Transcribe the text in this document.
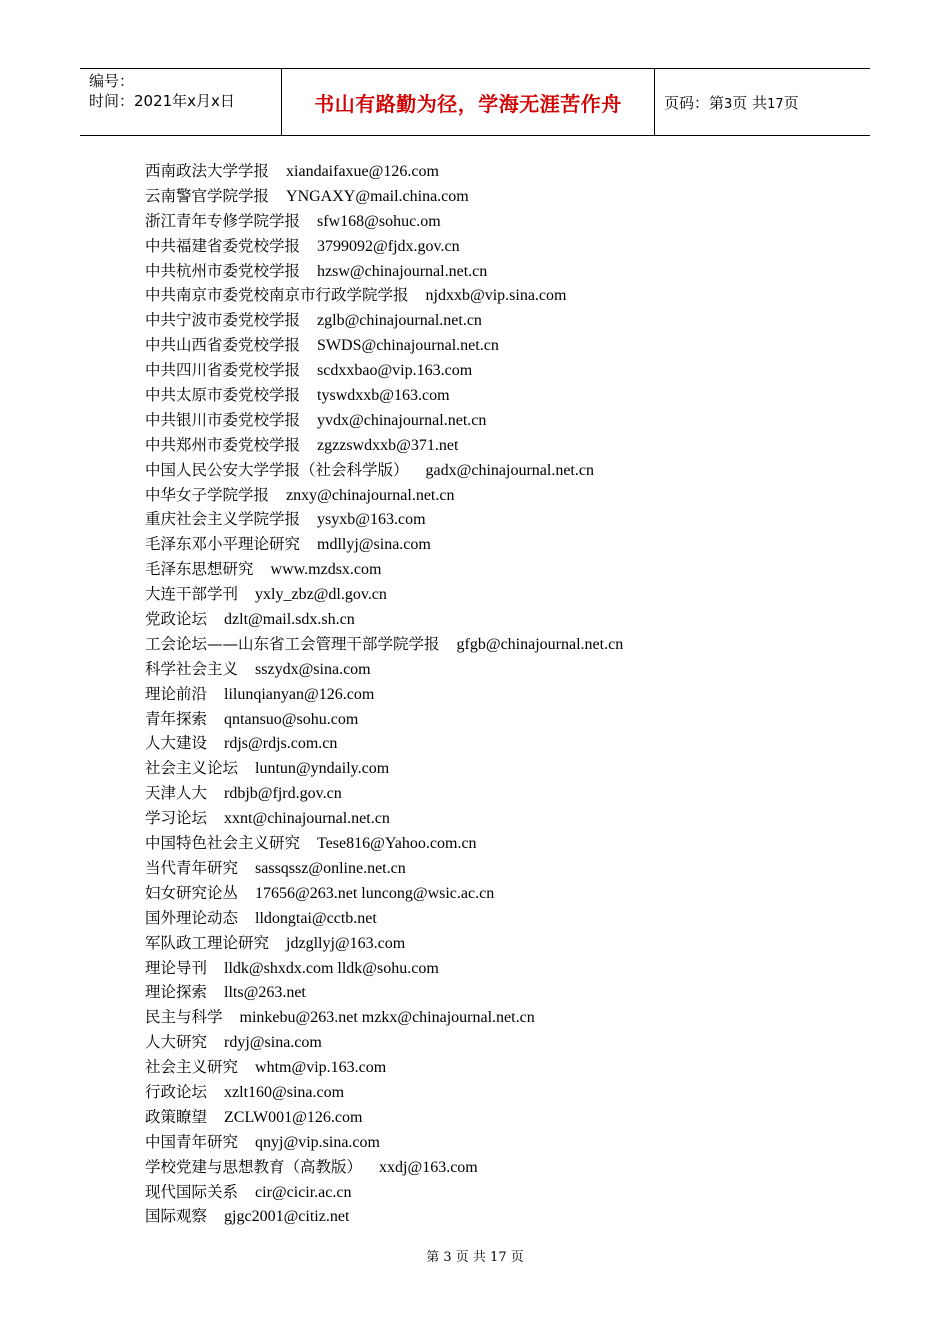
编号：
时间：2021年x月x日	书山有路勤为径，学海无涯苦作舟	页码：第3页 共17页
西南政法大学学报 xiandaifaxue@126.com
云南警官学院学报 YNGAXY@mail.china.com
浙江青年专修学院学报 sfw168@sohuc.om
中共福建省委党校学报 3799092@fjdx.gov.cn
中共杭州市委党校学报 hzsw@chinajournal.net.cn
中共南京市委党校南京市行政学院学报 njdxxb@vip.sina.com
中共宁波市委党校学报 zglb@chinajournal.net.cn
中共山西省委党校学报 SWDS@chinajournal.net.cn
中共四川省委党校学报 scdxxbao@vip.163.com
中共太原市委党校学报 tyswdxxb@163.com
中共银川市委党校学报 yvdx@chinajournal.net.cn
中共郑州市委党校学报 zgzzswdxxb@371.net
中国人民公安大学学报（社会科学版） gadx@chinajournal.net.cn
中华女子学院学报 znxy@chinajournal.net.cn
重庆社会主义学院学报 ysyxb@163.com
毛泽东邓小平理论研究 mdllyj@sina.com
毛泽东思想研究 www.mzdsx.com
大连干部学刊 yxly_zbz@dl.gov.cn
党政论坛 dzlt@mail.sdx.sh.cn
工会论坛——山东省工会管理干部学院学报 gfgb@chinajournal.net.cn
科学社会主义 sszydx@sina.com
理论前沿 lilunqianyan@126.com
青年探索 qntansuo@sohu.com
人大建设 rdjs@rdjs.com.cn
社会主义论坛 luntun@yndaily.com
天津人大 rdbjb@fjrd.gov.cn
学习论坛 xxnt@chinajournal.net.cn
中国特色社会主义研究 Tese816@Yahoo.com.cn
当代青年研究 sassqssz@online.net.cn
妇女研究论丛 17656@263.net luncong@wsic.ac.cn
国外理论动态 lldongtai@cctb.net
军队政工理论研究 jdzgllyj@163.com
理论导刊 lldk@shxdx.com lldk@sohu.com
理论探索 llts@263.net
民主与科学 minkebu@263.net mzkx@chinajournal.net.cn
人大研究 rdyj@sina.com
社会主义研究 whtm@vip.163.com
行政论坛 xzlt160@sina.com
政策瞭望 ZCLW001@126.com
中国青年研究 qnyj@vip.sina.com
学校党建与思想教育（高教版） xxdj@163.com
现代国际关系 cir@cicir.ac.cn
国际观察 gjgc2001@citiz.net
第 3 页 共 17 页
